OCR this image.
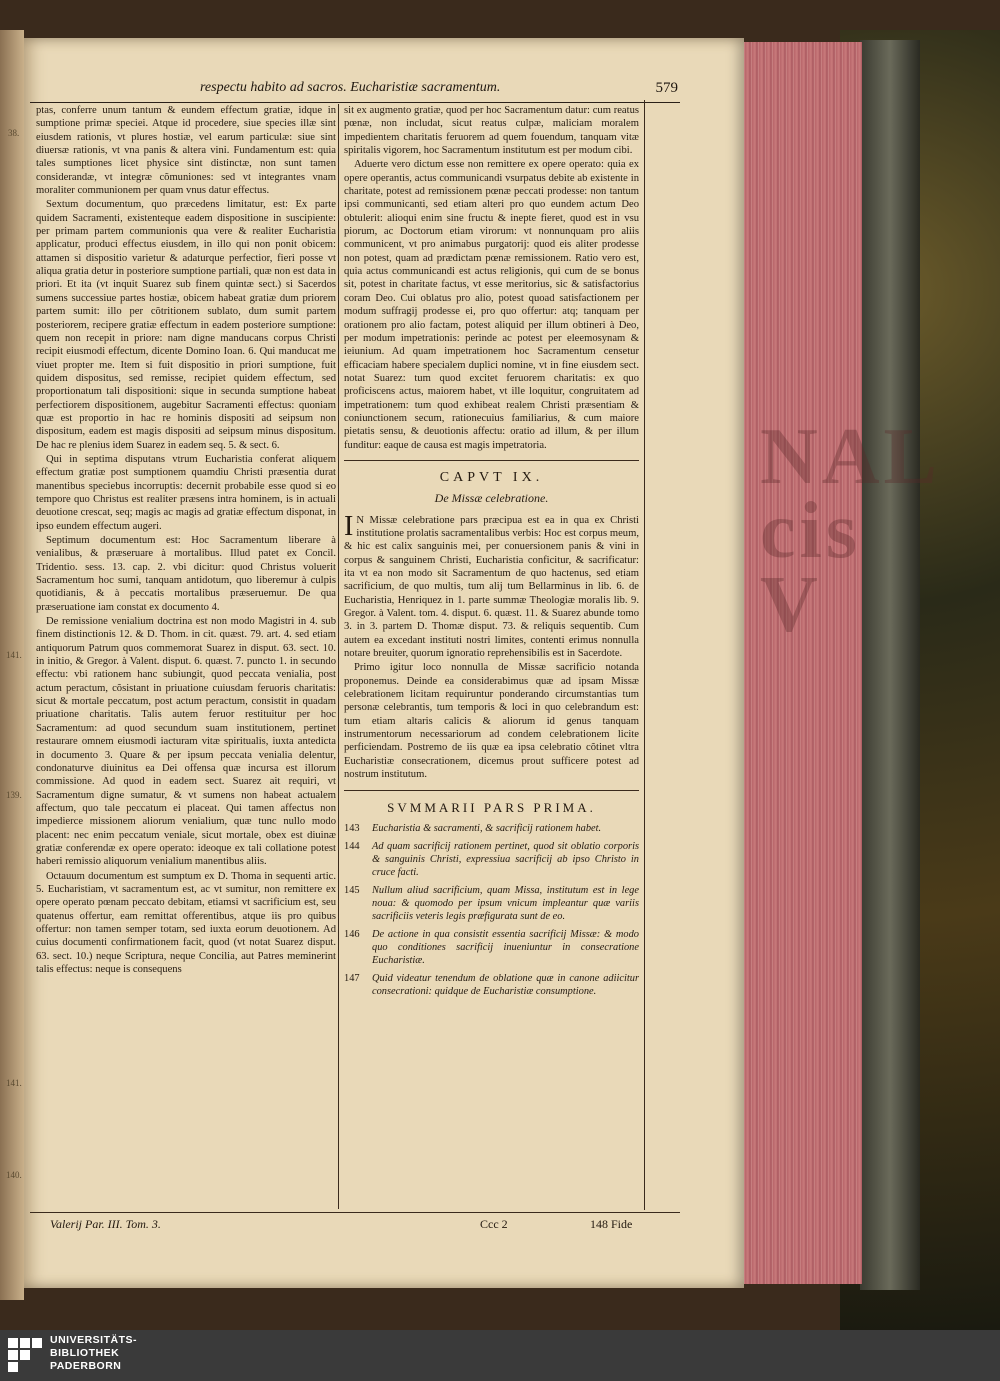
NAL
cis
V
respectu habito ad sacros. Eucharistiæ sacramentum.	579
38.
141.
139.
141.
140.

ptas, conferre unum tantum & eundem effectum gratiæ, idque in sumptione primæ speciei. Atque id procedere, siue species illæ sint eiusdem rationis, vt plures hostiæ, vel earum particulæ: siue sint diuersæ rationis, vt vna panis & altera vini. Fundamentum est: quia tales sumptiones licet physice sint distinctæ, non sunt tamen considerandæ, vt integræ cõmuniones: sed vt integrantes vnam moraliter communionem per quam vnus datur effectus.

Sextum documentum, quo præcedens limitatur, est: Ex parte quidem Sacramenti, existenteque eadem dispositione in suscipiente: per primam partem communionis qua vere & realiter Eucharistia applicatur, produci effectus eiusdem, in illo qui non ponit obicem: attamen si dispositio varietur & adaturque perfectior, fieri posse vt aliqua gratia detur in posteriore sumptione partiali, quæ non est data in priori. Et ita (vt inquit Suarez sub finem quintæ sect.) si Sacerdos sumens successiue partes hostiæ, obicem habeat gratiæ dum priorem partem sumit: illo per cõtritionem sublato, dum sumit partem posteriorem, recipere gratiæ effectum in eadem posteriore sumptione: quem non recepit in priore: nam digne manducans corpus Christi recipit eiusmodi effectum, dicente Domino Ioan. 6. Qui manducat me viuet propter me. Item si fuit dispositio in priori sumptione, fuit quidem dispositus, sed remisse, recipiet quidem effectum, sed proportionatum tali dispositioni: sique in secunda sumptione habeat perfectiorem dispositionem, augebitur Sacramenti effectus: quoniam quæ est proportio in hac re hominis dispositi ad seipsum non dispositum, eadem est magis dispositi ad seipsum minus dispositum. De hac re plenius idem Suarez in eadem seq. 5. & sect. 6.

Qui in septima disputans vtrum Eucharistia conferat aliquem effectum gratiæ post sumptionem quamdiu Christi præsentia durat manentibus speciebus incorruptis: decernit probabile esse quod si eo tempore quo Christus est realiter præsens intra hominem, is in actuali deuotione crescat, seq; magis ac magis ad gratiæ effectum disponat, in ipso eundem effectum augeri.

Septimum documentum est: Hoc Sacramentum liberare à venialibus, & præseruare à mortalibus. Illud patet ex Concil. Tridentio. sess. 13. cap. 2. vbi dicitur: quod Christus voluerit Sacramentum hoc sumi, tanquam antidotum, quo liberemur à culpis quotidianis, & à peccatis mortalibus præseruemur. De qua præseruatione iam constat ex documento 4.

De remissione venialium doctrina est non modo Magistri in 4. sub finem distinctionis 12. & D. Thom. in cit. quæst. 79. art. 4. sed etiam antiquorum Patrum quos commemorat Suarez in disput. 63. sect. 10. in initio, & Gregor. à Valent. disput. 6. quæst. 7. puncto 1. in secundo effectu: vbi rationem hanc subiungit, quod peccata venialia, post actum peractum, cõsistant in priuatione cuiusdam feruoris charitatis: sicut & mortale peccatum, post actum peractum, consistit in quadam priuatione charitatis. Talis autem feruor restituitur per hoc Sacramentum: ad quod secundum suam institutionem, pertinet restaurare omnem eiusmodi iacturam vitæ spiritualis, iuxta antedicta in documento 3. Quare & per ipsum peccata venialia delentur, condonaturve diuinitus ea Dei offensa quæ incursa est illorum commissione. Ad quod in eadem sect. Suarez ait requiri, vt Sacramentum digne sumatur, & vt sumens non habeat actualem affectum, quo tale peccatum ei placeat. Qui tamen affectus non impedierce missionem aliorum venialium, quæ tunc nullo modo placent: nec enim peccatum veniale, sicut mortale, obex est diuinæ gratiæ conferendæ ex opere operato: ideoque ex tali collatione potest haberi remissio aliquorum venialium manentibus aliis.

Octauum documentum est sumptum ex D. Thoma in sequenti artic. 5. Eucharistiam, vt sacramentum est, ac vt sumitur, non remittere ex opere operato pœnam peccato debitam, etiamsi vt sacrificium est, seu quatenus offertur, eam remittat offerentibus, atque iis pro quibus offertur: non tamen semper totam, sed iuxta eorum deuotionem. Ad cuius documenti confirmationem facit, quod (vt notat Suarez disput. 63. sect. 10.) neque Scriptura, neque Concilia, aut Patres meminerint talis effectus: neque is consequens

sit ex augmento gratiæ, quod per hoc Sacramentum datur: cum reatus pœnæ, non includat, sicut reatus culpæ, maliciam moralem impedientem charitatis feruorem ad quem fouendum, tanquam vitæ spiritalis vigorem, hoc Sacramentum institutum est per modum cibi.

Aduerte vero dictum esse non remittere ex opere operato: quia ex opere operantis, actus communicandi vsurpatus debite ab existente in charitate, potest ad remissionem pœnæ peccati prodesse: non tantum ipsi communicanti, sed etiam alteri pro quo eundem actum Deo obtulerit: alioqui enim sine fructu & inepte fieret, quod est in vsu piorum, ac Doctorum etiam virorum: vt nonnunquam pro aliis communicent, vt pro animabus purgatorij: quod eis aliter prodesse non potest, quam ad prædictam pœnæ remissionem. Ratio vero est, quia actus communicandi est actus religionis, qui cum de se bonus sit, potest in charitate factus, vt esse meritorius, sic & satisfactorius coram Deo. Cui oblatus pro alio, potest quoad satisfactionem per modum suffragij prodesse ei, pro quo offertur: atq; tanquam per orationem pro alio factam, potest aliquid per illum obtineri à Deo, per modum impetrationis: perinde ac potest per eleemosynam & ieiunium. Ad quam impetrationem hoc Sacramentum censetur efficaciam habere specialem duplici nomine, vt in fine eiusdem sect. notat Suarez: tum quod excitet feruorem charitatis: ex quo proficiscens actus, maiorem habet, vt ille loquitur, congruitatem ad impetrationem: tum quod exhibeat realem Christi præsentiam & coniunctionem secum, rationecuius familiarius, & cum maiore pietatis sensu, & deuotionis affectu: oratio ad illum, & per illum funditur: eaque de causa est magis impetratoria.

CAPVT IX.
De Missæ celebratione.

I N Missæ celebratione pars præcipua est ea in qua ex Christi institutione prolatis sacramentalibus verbis: Hoc est corpus meum, & hic est calix sanguinis mei, per conuersionem panis & vini in corpus & sanguinem Christi, Eucharistia conficitur, & sacrificatur: ita vt ea non modo sit Sacramentum de quo hactenus, sed etiam sacrificium, de quo multis, tum alij tum Bellarminus in lib. 6. de Eucharistia, Henriquez in 1. parte summæ Theologiæ moralis lib. 9. Gregor. à Valent. tom. 4. disput. 6. quæst. 11. & Suarez abunde tomo 3. in 3. partem D. Thomæ disput. 73. & reliquis sequentib. Cum autem ea excedant instituti nostri limites, contenti erimus nonnulla notare breuiter, quorum ignoratio reprehensibilis est in Sacerdote.

Primo igitur loco nonnulla de Missæ sacrificio notanda proponemus. Deinde ea considerabimus quæ ad ipsam Missæ celebrationem licitam requiruntur ponderando circumstantias tum personæ celebrantis, tum temporis & loci in quo celebrandum est: tum etiam altaris calicis & aliorum id genus tanquam instrumentorum necessariorum ad condem celebrationem licite perficiendam. Postremo de iis quæ ea ipsa celebratio cõtinet vltra Eucharistiæ consecrationem, dicemus prout sufficere potest ad nostrum institutum.

SVMMARII PARS PRIMA.
143	Eucharistia & sacramenti, & sacrificij rationem habet.
144	Ad quam sacrificij rationem pertinet, quod sit oblatio corporis & sanguinis Christi, expressiua sacrificij ab ipso Christo in cruce facti.
145	Nullum aliud sacrificium, quam Missa, institutum est in lege noua: & quomodo per ipsum vnicum impleantur quæ variis sacrificiis veteris legis præfigurata sunt de eo.
146	De actione in qua consistit essentia sacrificij Missæ: & modo quo conditiones sacrificij inueniuntur in consecratione Eucharistiæ.
147	Quid videatur tenendum de oblatione quæ in canone adiicitur consecrationi: quidque de Eucharistiæ consumptione.
Valerij Par. III. Tom. 3.	Ccc 2	148 Fide
UNIVERSITÄTS-
BIBLIOTHEK
PADERBORN
